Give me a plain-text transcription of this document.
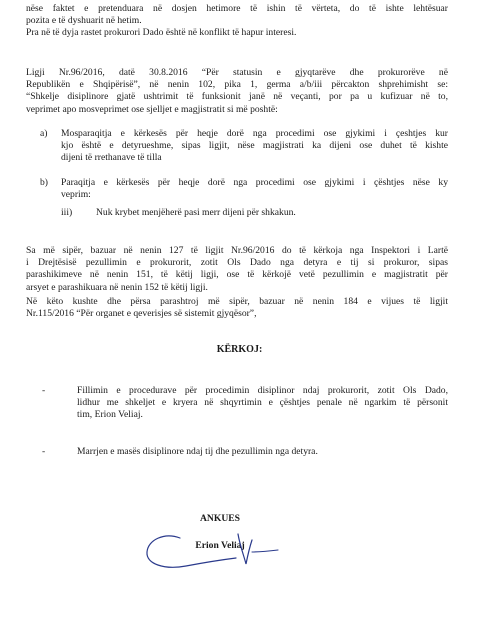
nëse faktet e pretenduara në dosjen hetimore të ishin të vërteta, do të ishte lehtësuar
pozita e të dyshuarit në hetim.
Pra në të dyja rastet prokurori Dado është në konflikt të hapur interesi.
Ligji Nr.96/2016, datë 30.8.2016 “Për statusin e gjyqtarëve dhe prokurorëve në
Republikën e Shqipërisë”, në nenin 102, pika 1, germa a/b/iii përcakton shprehimisht se:
“Shkelje disiplinore gjatë ushtrimit të funksionit janë në veçanti, por pa u kufizuar në to,
veprimet apo mosveprimet ose sjelljet e magjistratit si më poshtë:
a) Mosparaqitja e kërkesës për heqje dorë nga procedimi ose gjykimi i çeshtjes kur
kjo është e detyrueshme, sipas ligjit, nëse magjistrati ka dijeni ose duhet të kishte
dijeni të rrethanave të tilla
b) Paraqitja e kërkesës për heqje dorë nga procedimi ose gjykimi i çështjes nëse ky
veprim:
iii) Nuk krybet menjëherë pasi merr dijeni për shkakun.
Sa më sipër, bazuar në nenin 127 të ligjit Nr.96/2016 do të kërkoja nga Inspektori i Lartë
i Drejtësisë pezullimin e prokurorit, zotit Ols Dado nga detyra e tij si prokuror, sipas
parashikimeve në nenin 151, të këtij ligji, ose të kërkojë vetë pezullimin e magjistratit për
arsyet e parashikuara në nenin 152 të këtij ligji.
Në këto kushte dhe përsa parashtroj më sipër, bazuar në nenin 184 e vijues të ligjit
Nr.115/2016 “Për organet e qeverisjes së sistemit gjyqësor”,
KËRKOJ:
-	Fillimin e procedurave për procedimin disiplinor ndaj prokurorit, zotit Ols Dado,
lidhur me shkeljet e kryera në shqyrtimin e çështjes penale në ngarkim të përsonit
tim, Erion Veliaj.
-	Marrjen e masës disiplinore ndaj tij dhe pezullimin nga detyra.
ANKUES
Erion Veliaj
